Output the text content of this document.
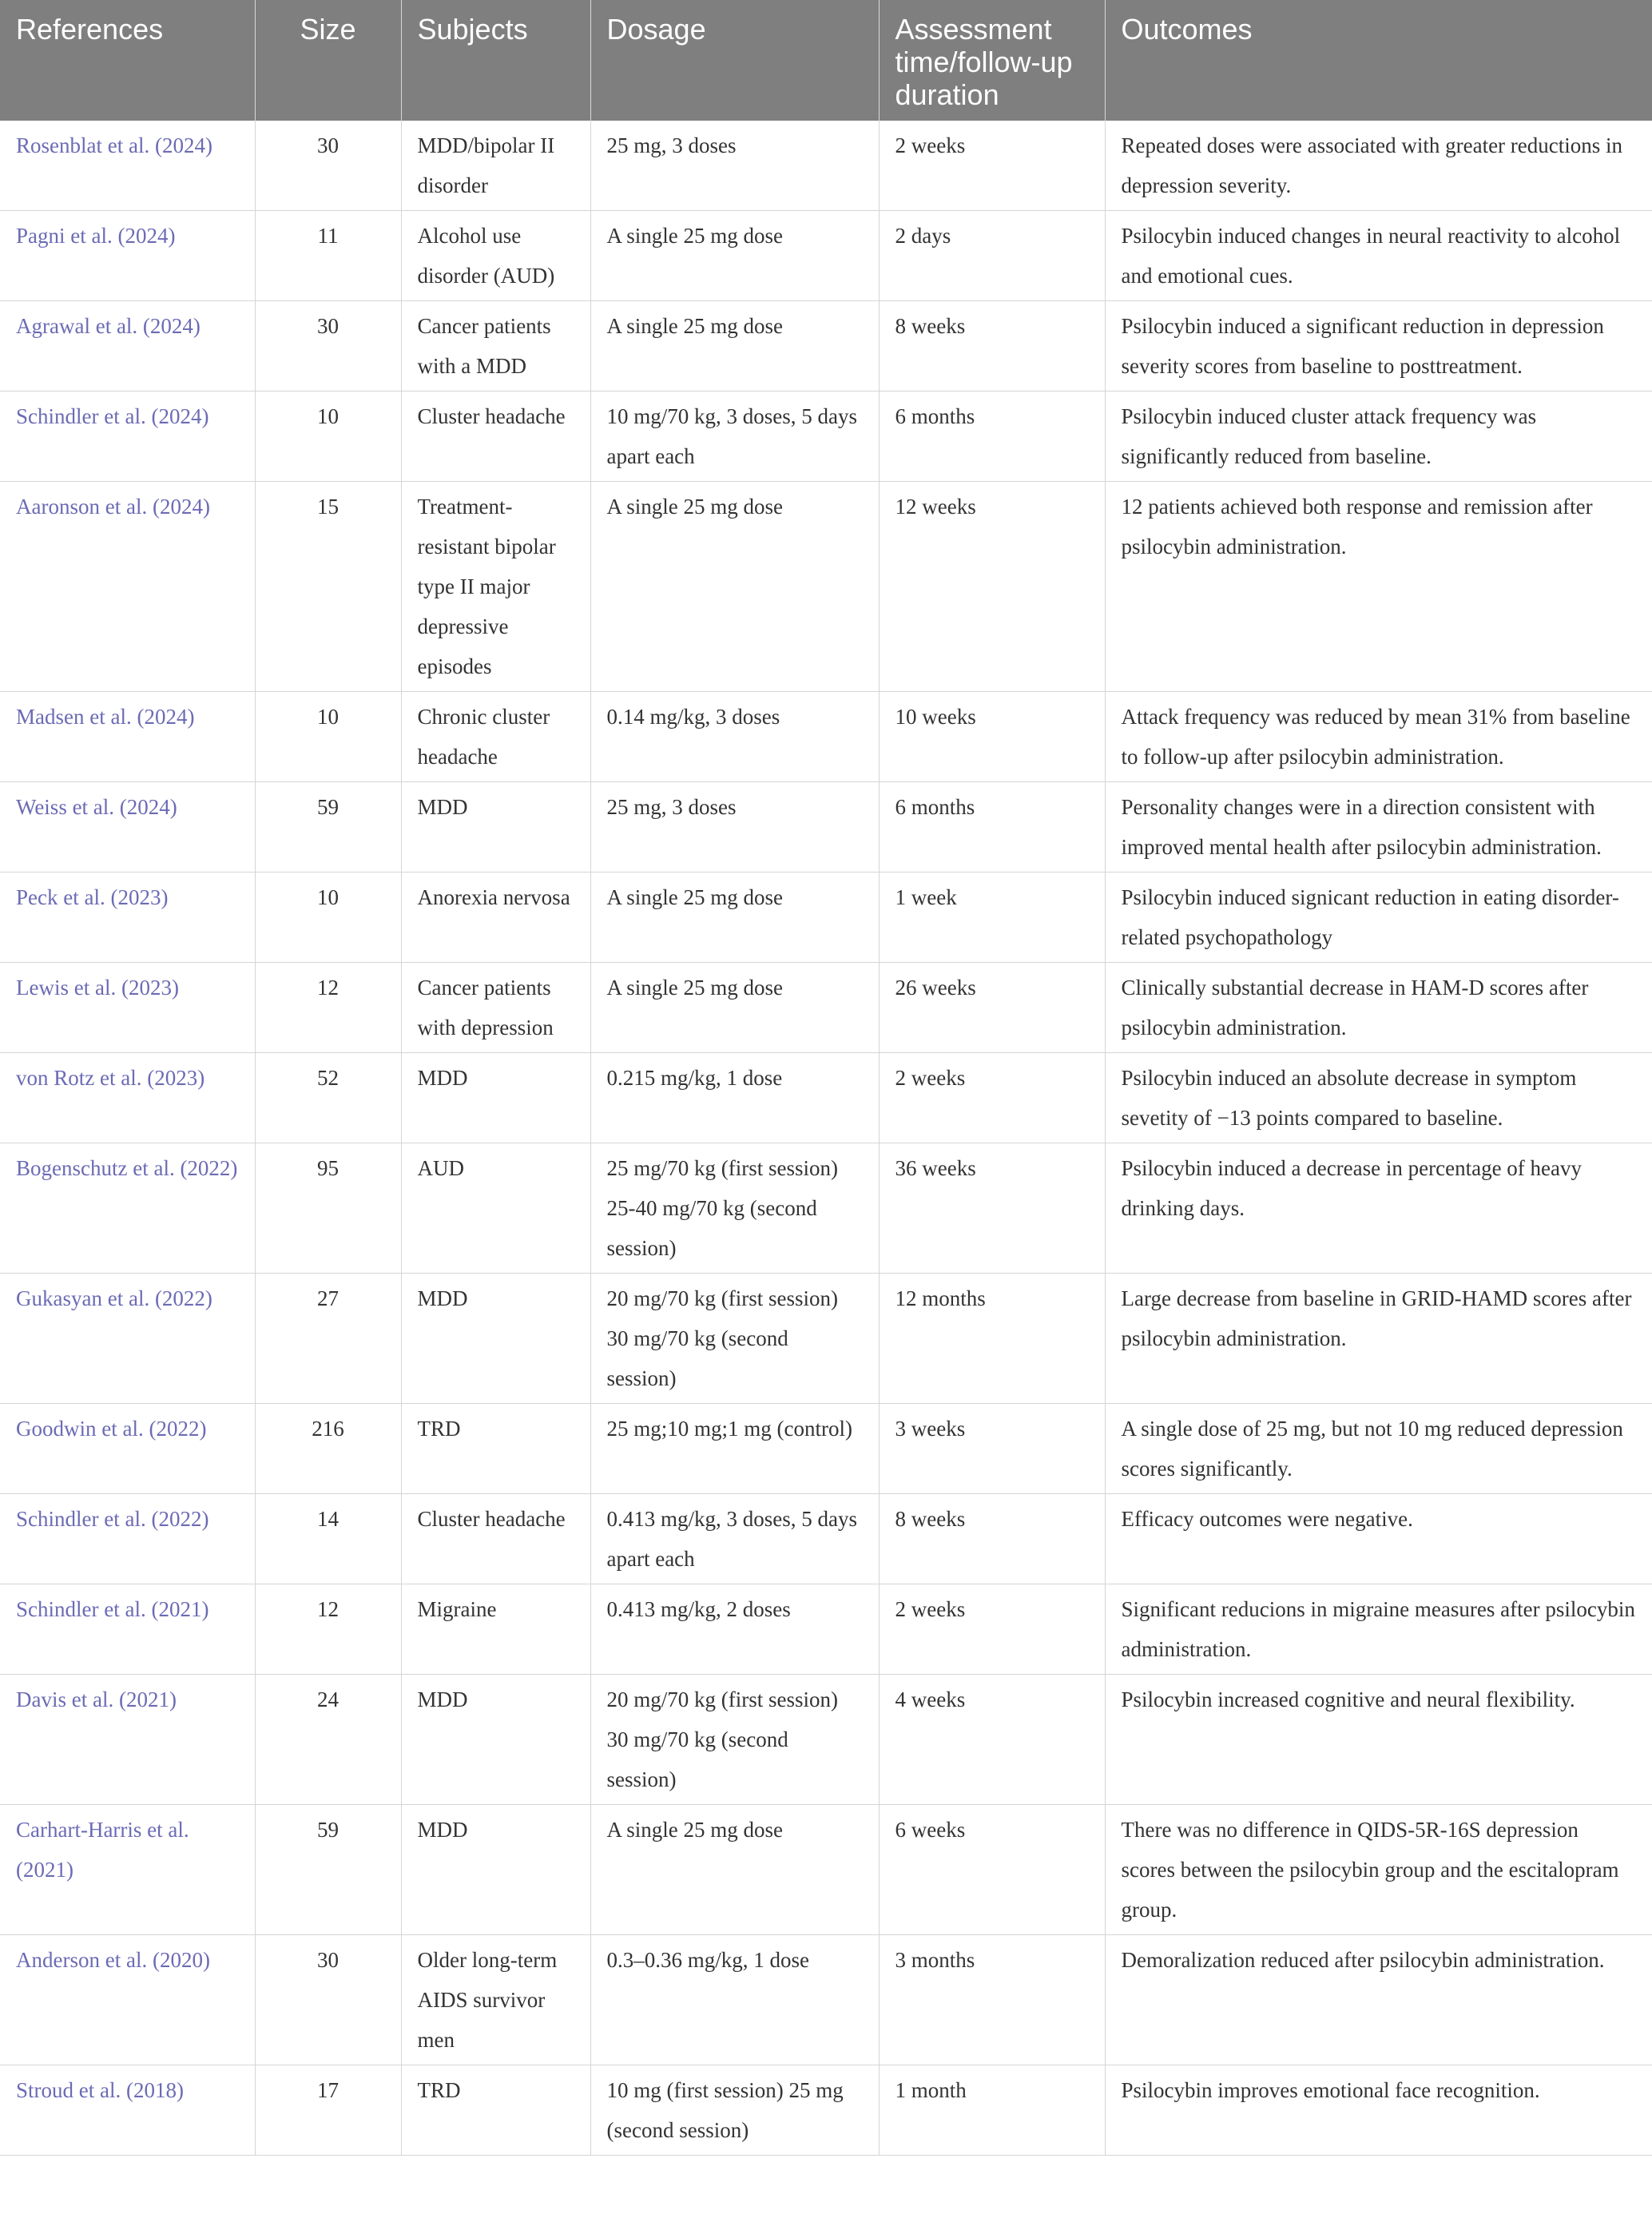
References	Size	Subjects	Dosage	Assessment time/follow-up duration	Outcomes
Rosenblat et al. (2024)	30	MDD/bipolar II disorder	25 mg, 3 doses	2 weeks	Repeated doses were associated with greater reductions in depression severity.
Pagni et al. (2024)	11	Alcohol use disorder (AUD)	A single 25 mg dose	2 days	Psilocybin induced changes in neural reactivity to alcohol and emotional cues.
Agrawal et al. (2024)	30	Cancer patients with a MDD	A single 25 mg dose	8 weeks	Psilocybin induced a significant reduction in depression severity scores from baseline to posttreatment.
Schindler et al. (2024)	10	Cluster headache	10 mg/70 kg, 3 doses, 5 days apart each	6 months	Psilocybin induced cluster attack frequency was significantly reduced from baseline.
Aaronson et al. (2024)	15	Treatment-resistant bipolar type II major depressive episodes	A single 25 mg dose	12 weeks	12 patients achieved both response and remission after psilocybin administration.
Madsen et al. (2024)	10	Chronic cluster headache	0.14 mg/kg, 3 doses	10 weeks	Attack frequency was reduced by mean 31% from baseline to follow-up after psilocybin administration.
Weiss et al. (2024)	59	MDD	25 mg, 3 doses	6 months	Personality changes were in a direction consistent with improved mental health after psilocybin administration.
Peck et al. (2023)	10	Anorexia nervosa	A single 25 mg dose	1 week	Psilocybin induced signicant reduction in eating disorder-related psychopathology
Lewis et al. (2023)	12	Cancer patients with depression	A single 25 mg dose	26 weeks	Clinically substantial decrease in HAM-D scores after psilocybin administration.
von Rotz et al. (2023)	52	MDD	0.215 mg/kg, 1 dose	2 weeks	Psilocybin induced an absolute decrease in symptom sevetity of −13 points compared to baseline.
Bogenschutz et al. (2022)	95	AUD	25 mg/70 kg (first session) 25-40 mg/70 kg (second session)	36 weeks	Psilocybin induced a decrease in percentage of heavy drinking days.
Gukasyan et al. (2022)	27	MDD	20 mg/70 kg (first session) 30 mg/70 kg (second session)	12 months	Large decrease from baseline in GRID-HAMD scores after psilocybin administration.
Goodwin et al. (2022)	216	TRD	25 mg;10 mg;1 mg (control)	3 weeks	A single dose of 25 mg, but not 10 mg reduced depression scores significantly.
Schindler et al. (2022)	14	Cluster headache	0.413 mg/kg, 3 doses, 5 days apart each	8 weeks	Efficacy outcomes were negative.
Schindler et al. (2021)	12	Migraine	0.413 mg/kg, 2 doses	2 weeks	Significant reducions in migraine measures after psilocybin administration.
Davis et al. (2021)	24	MDD	20 mg/70 kg (first session) 30 mg/70 kg (second session)	4 weeks	Psilocybin increased cognitive and neural flexibility.
Carhart-Harris et al. (2021)	59	MDD	A single 25 mg dose	6 weeks	There was no difference in QIDS-5R-16S depression scores between the psilocybin group and the escitalopram group.
Anderson et al. (2020)	30	Older long-term AIDS survivor men	0.3–0.36 mg/kg, 1 dose	3 months	Demoralization reduced after psilocybin administration.
Stroud et al. (2018)	17	TRD	10 mg (first session) 25 mg (second session)	1 month	Psilocybin improves emotional face recognition.
